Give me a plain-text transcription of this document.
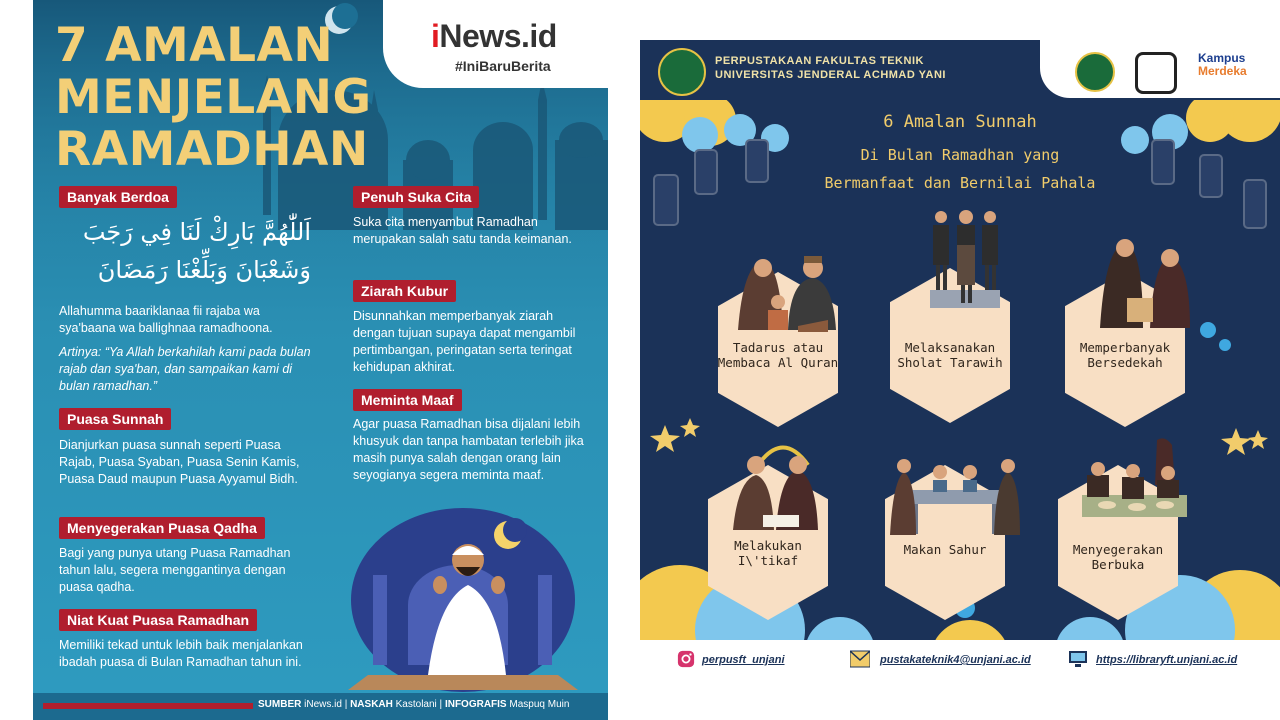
7 AMALAN
MENJELANG
RAMADHAN
iNews.id
#IniBaruBerita
Banyak Berdoa
اَللّٰهُمَّ بَارِكْ لَنَا فِي رَجَبَ
وَشَعْبَانَ وَبَلِّغْنَا رَمَضَانَ
Allahumma baariklanaa fii rajaba wa sya'baana wa ballighnaa ramadhoona.
Artinya: “Ya Allah berkahilah kami pada bulan rajab dan sya'ban, dan sampaikan kami di bulan ramadhan.”
Puasa Sunnah
Dianjurkan puasa sunnah seperti Puasa Rajab, Puasa Syaban, Puasa Senin Kamis, Puasa Daud maupun Puasa Ayyamul Bidh.
Menyegerakan Puasa Qadha
Bagi yang punya utang Puasa Ramadhan tahun lalu, segera menggantinya dengan puasa qadha.
Niat Kuat Puasa Ramadhan
Memiliki tekad untuk lebih baik menjalankan ibadah puasa di Bulan Ramadhan tahun ini.
Penuh Suka Cita
Suka cita menyambut Ramadhan merupakan salah satu tanda keimanan.
Ziarah Kubur
Disunnahkan memperbanyak ziarah dengan tujuan supaya dapat mengambil pertimbangan, peringatan serta teringat kehidupan akhirat.
Meminta Maaf
Agar puasa Ramadhan bisa dijalani lebih khusyuk dan tanpa hambatan terlebih jika masih punya salah dengan orang lain seyogianya segera meminta maaf.
SUMBER iNews.id | NASKAH Kastolani | INFOGRAFIS Maspuq Muin
PERPUSTAKAAN FAKULTAS TEKNIK
UNIVERSITAS JENDERAL ACHMAD YANI
Kampus
Merdeka
6 Amalan Sunnah
Di Bulan Ramadhan yang
Bermanfaat dan Bernilai Pahala
Tadarus atau Membaca Al Quran
Melaksanakan Sholat Tarawih
Memperbanyak Bersedekah
Melakukan I\'tikaf
Makan Sahur	Menyegerakan Berbuka
perpusft_unjani	pustakateknik4@unjani.ac.id	https://libraryft.unjani.ac.id
